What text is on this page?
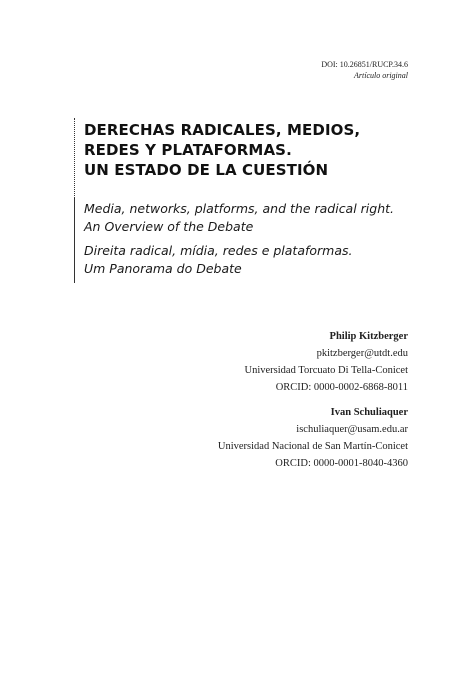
DOI: 10.26851/RUCP.34.6
Artículo original
DERECHAS RADICALES, MEDIOS,
REDES Y PLATAFORMAS.
UN ESTADO DE LA CUESTIÓN

Media, networks, platforms, and the radical right.
An Overview of the Debate

Direita radical, mídia, redes e plataformas.
Um Panorama do Debate

Philip Kitzberger
pkitzberger@utdt.edu
Universidad Torcuato Di Tella-Conicet
ORCID: 0000-0002-6868-8011
Ivan Schuliaquer
ischuliaquer@usam.edu.ar
Universidad Nacional de San Martín-Conicet
ORCID: 0000-0001-8040-4360
